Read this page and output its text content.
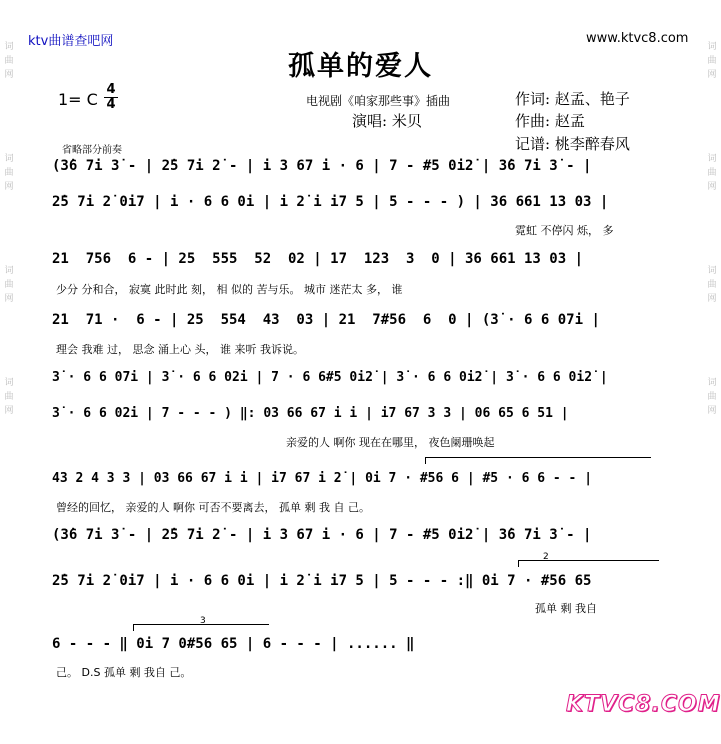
词曲网

词曲网

词曲网

词曲网
词曲网

词曲网

词曲网

词曲网
ktv曲谱查吧网	www.ktvc8.com
孤单的爱人
1= C
4
4	电视剧《咱家那些事》插曲
演唱: 米贝
作词: 赵孟、艳子
作曲: 赵孟
记谱: 桃李醉春风
省略部分前奏
(3̇6 7i 3̇ - | 2̇5 7i 2̇ - | i 3 67 i · 6 | 7 - #5 0i2̇ | 3̇6 7i 3̇ - |
2̇5 7i 2̇ 0i7 | i · 6 6 0i | i 2̇ i i7 5 | 5 - - - ) | 36 661 13 03 |
霓虹 不停闪 烁， 多
21  756  6 - | 25  555  52  02 | 17  123  3  0 | 36 661 13 03 |
少分 分和合， 寂寞 此时此 刻， 相 似的 苦与乐。 城市 迷茫太 多， 谁
21  71 ·  6 - | 25  554  43  03 | 21  7#56  6  0 | (3̇ · 6 6 07i |
理会 我难 过， 思念 涌上心 头， 谁 来听 我诉说。
3̇ · 6 6 07i | 3̇ · 6 6 02̇i | 7 · 6 6#5 0i2̇ | 3̇ · 6 6 0i2̇ | 3̇ · 6 6 0i2̇ |
3̇ · 6 6 02̇i | 7 - - - ) ‖: 03 66 67 i i | i7 67 3 3 | 06 65 6 51 |
亲爱的人 啊你 现在在哪里， 夜色阑珊唤起
43 2 4 3 3 | 03 66 67 i i | i7 67 i 2̇ | 0i 7 · #56 6 | #5 · 6 6 - - |
曾经的回忆， 亲爱的人 啊你 可否不要离去， 孤单 剩 我 自 己。
(3̇6 7i 3̇ - | 2̇5 7i 2̇ - | i 3 67 i · 6 | 7 - #5 0i2̇ | 3̇6 7i 3̇ - |
2
2̇5 7i 2̇ 0i7 | i · 6 6 0i | i 2̇ i i7 5 | 5 - - - :‖ 0i 7 · #56 65
孤单 剩 我自
3
6 - - - ‖ 0i 7 0#56 65 | 6 - - - | ...... ‖
己。 D.S 孤单 剩 我自 己。
KTVC8.COM
